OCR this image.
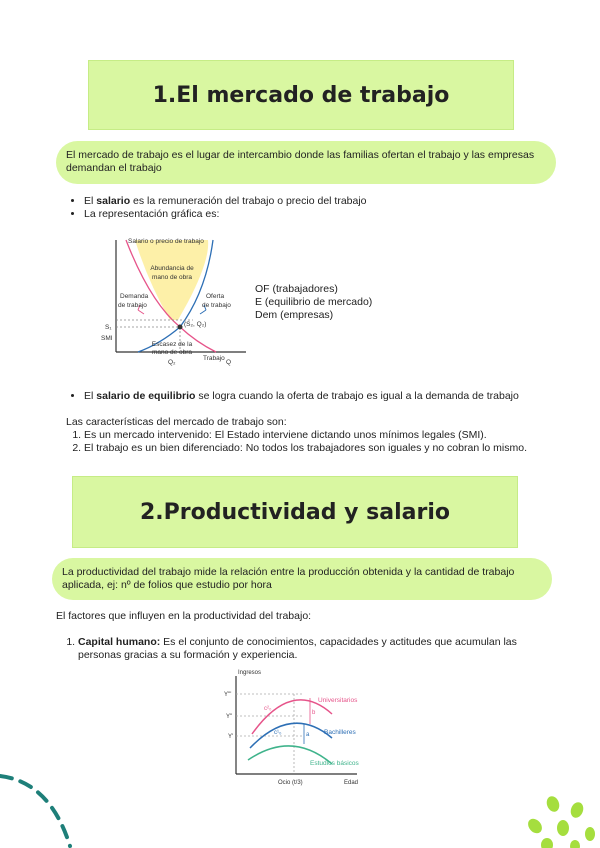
1.El mercado de trabajo
El mercado de trabajo es el lugar de intercambio donde las familias ofertan el trabajo y las empresas demandan el trabajo
• El salario es la remuneración del trabajo o precio del trabajo
• La representación gráfica es:
Salario o precio de trabajo
Abundancia de
mano de obra
Demanda
de trabajo
Oferta
de trabajo
Escasez de la
mano de obra
Trabajo
S₁
SMI
(S₂, Q₂)
Q₂	Q
OF (trabajadores)
E (equilibrio de mercado)
Dem (empresas)
• El salario de equilibrio se logra cuando la oferta de trabajo es igual a la demanda de trabajo
Las características del mercado de trabajo son:
1. Es un mercado intervenido: El Estado interviene dictando unos mínimos legales (SMI).
2. El trabajo es un bien diferenciado: No todos los trabajadores son iguales y no cobran lo mismo.
2.Productividad y salario
La productividad del trabajo mide la relación entre la producción obtenida y la cantidad de trabajo aplicada, ej: nº de folios que estudio por hora
El factores que influyen en la productividad del trabajo:
1. Capital humano: Es el conjunto de conocimientos, capacidades y actitudes que acumulan las personas gracias a su formación y experiencia.
Ingresos
Y'''
Y''
Y'
Universitarios
Bachilleres
Estudios básicos
Ocio (t/3)	Edad
b
a
c²₀
c¹₀
